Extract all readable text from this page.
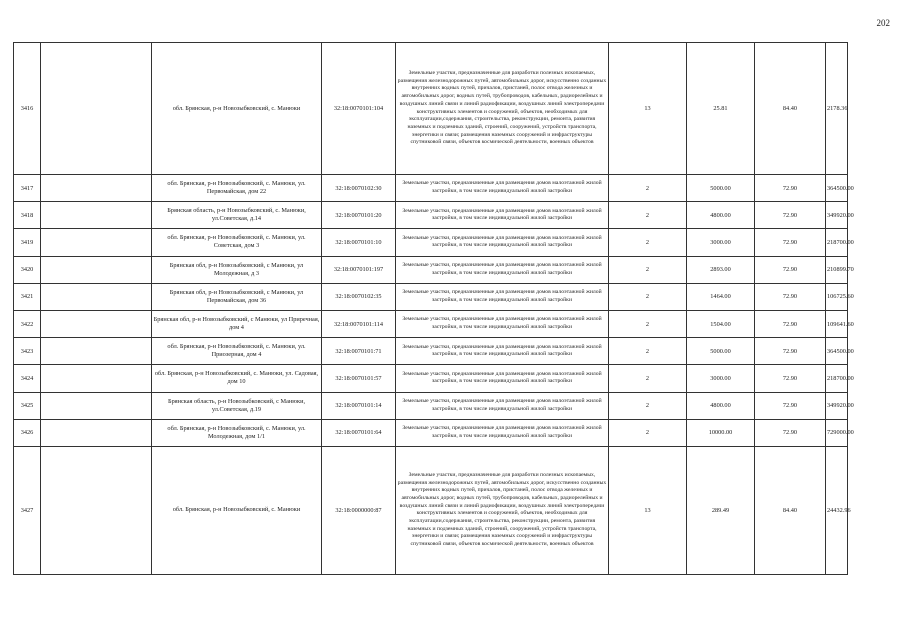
202
3416		обл. Брянская, р-н Новозыбковский, с. Манюки	32:18:0070101:104	Земельные участки, предназначенные для разработки полезных ископаемых, размещения железнодорожных путей, автомобильных дорог, искусственно созданных внутренних водных путей, причалов, пристаней, полос отвода железных и автомобильных дорог, водных путей, трубопроводов, кабельных, радиорелейных и воздушных линий связи и линий радиофикации, воздушных линий электропередачи конструктивных элементов и сооружений, объектов, необходимых для эксплуатации,содержания, строительства, реконструкции, ремонта, развития наземных и подземных зданий, строений, сооружений, устройств транспорта, энергетики и связи; размещения наземных сооружений и инфраструктуры спутниковой связи, объектов космической деятельности, военных объектов	13	25.81	84.40	2178.36
3417		обл. Брянская, р-н Новозыбковский, с. Манюки, ул. Первомайская, дом 22	32:18:0070102:30	Земельные участки, предназначенные для размещения домов малоэтажной жилой застройки, в том числе индивидуальной жилой застройки	2	5000.00	72.90	364500.00
3418		Брянская область, р-н Новозыбковский, с. Манюки, ул.Советская, д.14	32:18:0070101:20	Земельные участки, предназначенные для размещения домов малоэтажной жилой застройки, в том числе индивидуальной жилой застройки	2	4800.00	72.90	349920.00
3419		обл. Брянская, р-н Новозыбковский, с. Манюки, ул. Советская, дом 3	32:18:0070101:10	Земельные участки, предназначенные для размещения домов малоэтажной жилой застройки, в том числе индивидуальной жилой застройки	2	3000.00	72.90	218700.00
3420		Брянская обл, р-н Новозыбковский, с Манюки, ул Молодежная, д 3	32:18:0070101:197	Земельные участки, предназначенные для размещения домов малоэтажной жилой застройки, в том числе индивидуальной жилой застройки	2	2893.00	72.90	210899.70
3421		Брянская обл, р-н Новозыбковский, с Манюки, ул Первомайская, дом 36	32:18:0070102:35	Земельные участки, предназначенные для размещения домов малоэтажной жилой застройки, в том числе индивидуальной жилой застройки	2	1464.00	72.90	106725.60
3422		Брянская обл, р-н Новозыбковский, с Манюки, ул Приречная, дом 4	32:18:0070101:114	Земельные участки, предназначенные для размещения домов малоэтажной жилой застройки, в том числе индивидуальной жилой застройки	2	1504.00	72.90	109641.60
3423		обл. Брянская, р-н Новозыбковский, с. Манюки, ул. Приозерная, дом 4	32:18:0070101:71	Земельные участки, предназначенные для размещения домов малоэтажной жилой застройки, в том числе индивидуальной жилой застройки	2	5000.00	72.90	364500.00
3424		обл. Брянская, р-н Новозыбковский, с. Манюки, ул. Садовая, дом 10	32:18:0070101:57	Земельные участки, предназначенные для размещения домов малоэтажной жилой застройки, в том числе индивидуальной жилой застройки	2	3000.00	72.90	218700.00
3425		Брянская область, р-н Новозыбковский, с Манюки, ул.Советская, д.19	32:18:0070101:14	Земельные участки, предназначенные для размещения домов малоэтажной жилой застройки, в том числе индивидуальной жилой застройки	2	4800.00	72.90	349920.00
3426		обл. Брянская, р-н Новозыбковский, с. Манюки, ул. Молодежная, дом 1/1	32:18:0070101:64	Земельные участки, предназначенные для размещения домов малоэтажной жилой застройки, в том числе индивидуальной жилой застройки	2	10000.00	72.90	729000.00
3427		обл. Брянская, р-н Новозыбковский, с. Манюки	32:18:0000000:87	Земельные участки, предназначенные для разработки полезных ископаемых, размещения железнодорожных путей, автомобильных дорог, искусственно созданных внутренних водных путей, причалов, пристаней, полос отвода железных и автомобильных дорог, водных путей, трубопроводов, кабельных, радиорелейных и воздушных линий связи и линий радиофикации, воздушных линий электропередачи конструктивных элементов и сооружений, объектов, необходимых для эксплуатации,содержания, строительства, реконструкции, ремонта, развития наземных и подземных зданий, строений, сооружений, устройств транспорта, энергетики и связи; размещения наземных сооружений и инфраструктуры спутниковой связи, объектов космической деятельности, военных объектов	13	289.49	84.40	24432.96
